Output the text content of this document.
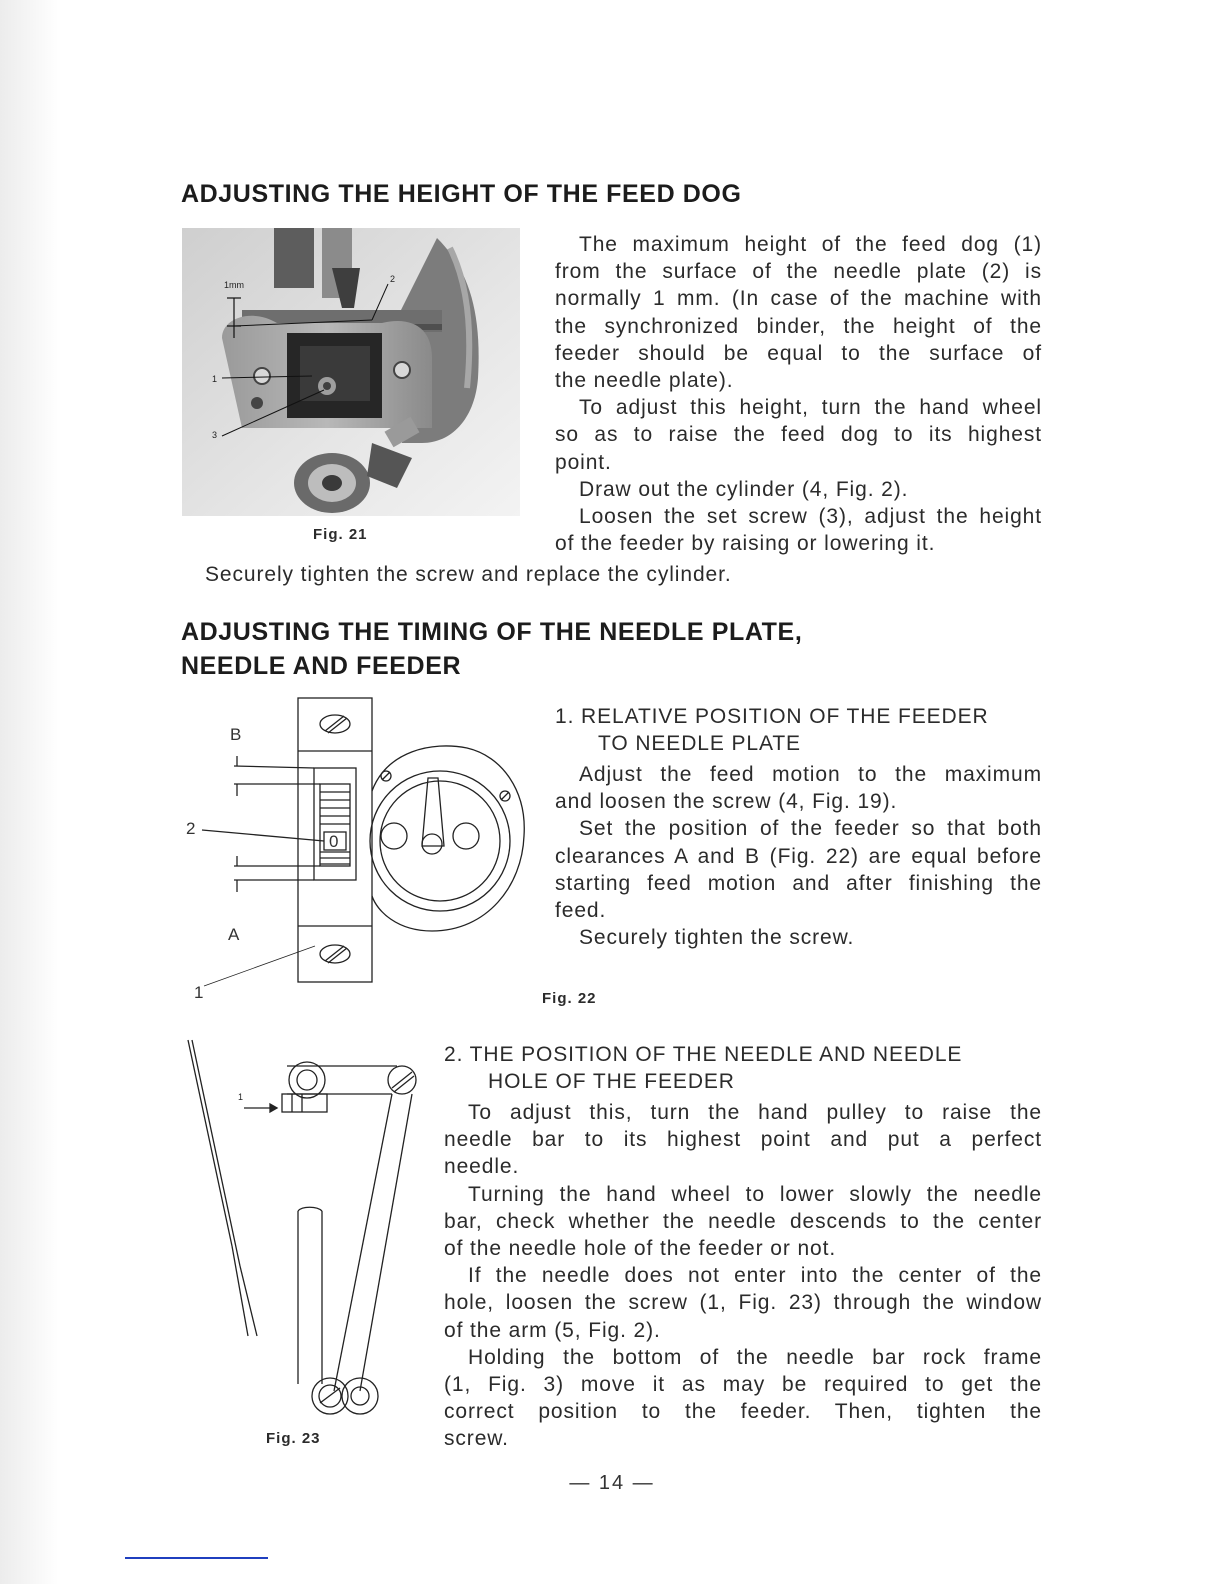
ADJUSTING THE HEIGHT OF THE FEED DOG
1mm
2
1
3
Fig. 21

The maximum height of the feed dog (1)

from the surface of the needle plate (2) is

normally 1 mm. (In case of the machine with

the synchronized binder, the height of the

feeder should be equal to the surface of

the needle plate).

To adjust this height, turn the hand wheel

so as to raise the feed dog to its highest

point.

Draw out the cylinder (4, Fig. 2).

Loosen the set screw (3), adjust the height

of the feeder by raising or lowering it.

Securely tighten the screw and replace the cylinder.

ADJUSTING THE TIMING OF THE NEEDLE PLATE,
NEEDLE AND FEEDER
B
2
A
1
0
Fig. 22

1. RELATIVE POSITION OF THE FEEDER

TO NEEDLE PLATE

Adjust the feed motion to the maximum

and loosen the screw (4, Fig. 19).

Set the position of the feeder so that both

clearances A and B (Fig. 22) are equal before

starting feed motion and after finishing the

feed.

Securely tighten the screw.

1
Fig. 23

2. THE POSITION OF THE NEEDLE AND NEEDLE

HOLE OF THE FEEDER

To adjust this, turn the hand pulley to raise the

needle bar to its highest point and put a perfect

needle.

Turning the hand wheel to lower slowly the needle

bar, check whether the needle descends to the center

of the needle hole of the feeder or not.

If the needle does not enter into the center of the

hole, loosen the screw (1, Fig. 23) through the window

of the arm (5, Fig. 2).

Holding the bottom of the needle bar rock frame

(1, Fig. 3) move it as may be required to get the

correct position to the feeder. Then, tighten the

screw.

— 14 —
